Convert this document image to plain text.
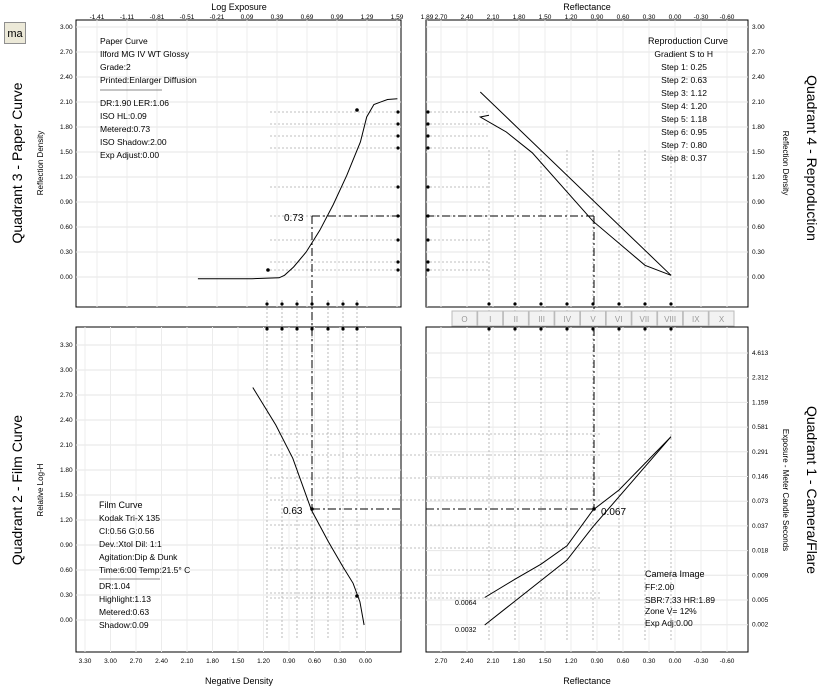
ma
-1.41 -1.11 -0.81 -0.51 -0.21	0.09	0.39	0.69	0.99	1.29	1.59	1.89 2.70
2.70
2.40
2.40
2.10
2.10
1.80
1.80
1.50
1.50
1.20
1.20
0.90
0.90
0.60
0.60
0.30
0.30
0.00
0.00
-0.30
-0.30
-0.60
-0.60
3.30 3.00 2.70 2.40 2.10 1.80 1.50 1.20 0.90 0.60 0.30 0.00
3.00	3.00
2.70	2.70
2.40	2.40
2.10	2.10
1.80	1.80
1.50	1.50
1.20	1.20
0.90	0.90
0.60	0.60
0.30	0.30
0.00	0.00
3.30
3.00
2.70
2.40
2.10
1.80
1.50
1.20
0.90
0.60
0.30
0.00
4.613
2.312
1.159
0.581
0.291
0.146
0.073
0.037
0.018
0.009
0.005
0.002
Log Exposure	Reflectance
Negative Density	Reflectance
Reflection Density	Reflection Density
Relative Log-H	Exposure - Meter Candle Seconds
Quadrant 3 - Paper Curve	Quadrant 4 - Reproduction
Quadrant 2 - Film Curve	Quadrant 1 - Camera/Flare
O	I	II	III IV V VI VII VIII IX X
Paper Curve
Ilford MG IV WT Glossy
Grade:2
Printed:Enlarger Diffusion
DR:1.90 LER:1.06
ISO HL:0.09
Metered:0.73
ISO Shadow:2.00
Exp Adjust:0.00
Reproduction Curve
Gradient S to H
Step 1: 0.25
Step 2: 0.63
Step 3: 1.12
Step 4: 1.20
Step 5: 1.18
Step 6: 0.95
Step 7: 0.80
Step 8: 0.37
Film Curve
Kodak Tri-X 135
CI:0.56 G:0.56
Dev.:Xtol Dil: 1:1
Agitation:Dip & Dunk
Time:6:00 Temp:21.5° C
DR:1.04
Highlight:1.13
Metered:0.63
Shadow:0.09
Camera Image
FF:2.00
SBR:7.33 HR:1.89
Zone V= 12%
Exp Adj:0.00
0.73
0.63	0.067
0.0064
0.0032
